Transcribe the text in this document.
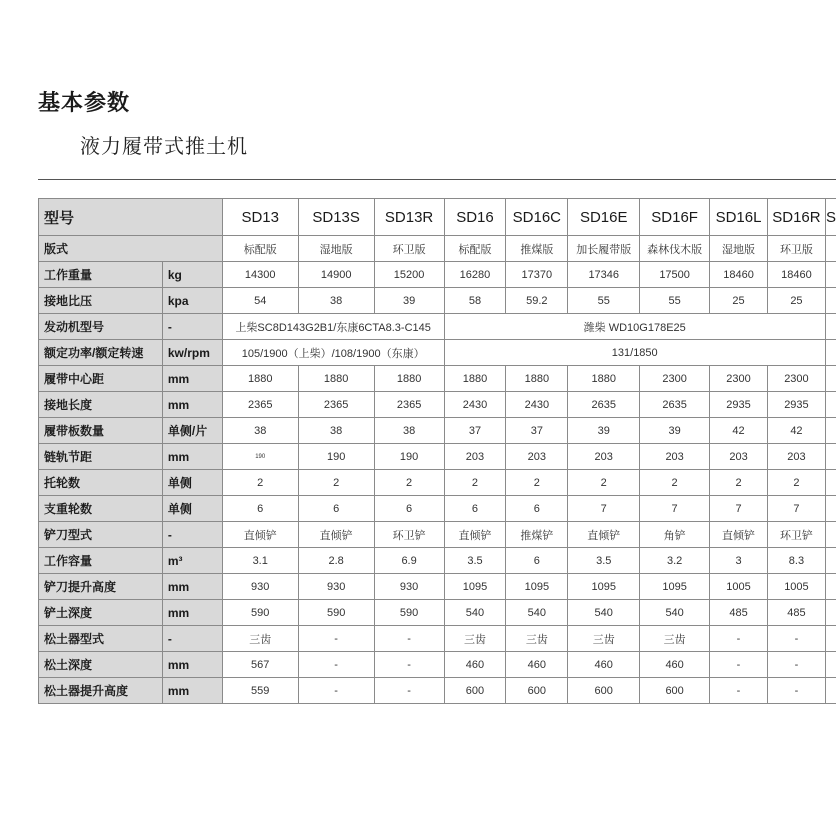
基本参数
液力履带式推土机
型号		SD13	SD13S	SD13R	SD16	SD16C	SD16E	SD16F	SD16L	SD16R	S
版式		标配版	湿地版	环卫版	标配版	推煤版	加长履带版	森林伐木版	湿地版	环卫版	
工作重量	kg	14300	14900	15200	16280	17370	17346	17500	18460	18460	
接地比压	kpa	54	38	39	58	59.2	55	55	25	25	
发动机型号	-	上柴SC8D143G2B1/东康6CTA8.3-C145			潍柴 WD10G178E25						
额定功率/额定转速	kw/rpm	105/1900（上柴）/108/1900（东康）			131/1850						
履带中心距	mm	1880	1880	1880	1880	1880	1880	2300	2300	2300	
接地长度	mm	2365	2365	2365	2430	2430	2635	2635	2935	2935	
履带板数量	单侧/片	38	38	38	37	37	39	39	42	42	
链轨节距	mm	190	190	190	203	203	203	203	203	203	
托轮数	单侧	2	2	2	2	2	2	2	2	2	
支重轮数	单侧	6	6	6	6	6	7	7	7	7	
铲刀型式	-	直倾铲	直倾铲	环卫铲	直倾铲	推煤铲	直倾铲	角铲	直倾铲	环卫铲	
工作容量	m³	3.1	2.8	6.9	3.5	6	3.5	3.2	3	8.3	
铲刀提升高度	mm	930	930	930	1095	1095	1095	1095	1005	1005	
铲土深度	mm	590	590	590	540	540	540	540	485	485	
松土器型式	-	三齿	-	-	三齿	三齿	三齿	三齿	-	-	
松土深度	mm	567	-	-	460	460	460	460	-	-	
松土器提升高度	mm	559	-	-	600	600	600	600	-	-	
